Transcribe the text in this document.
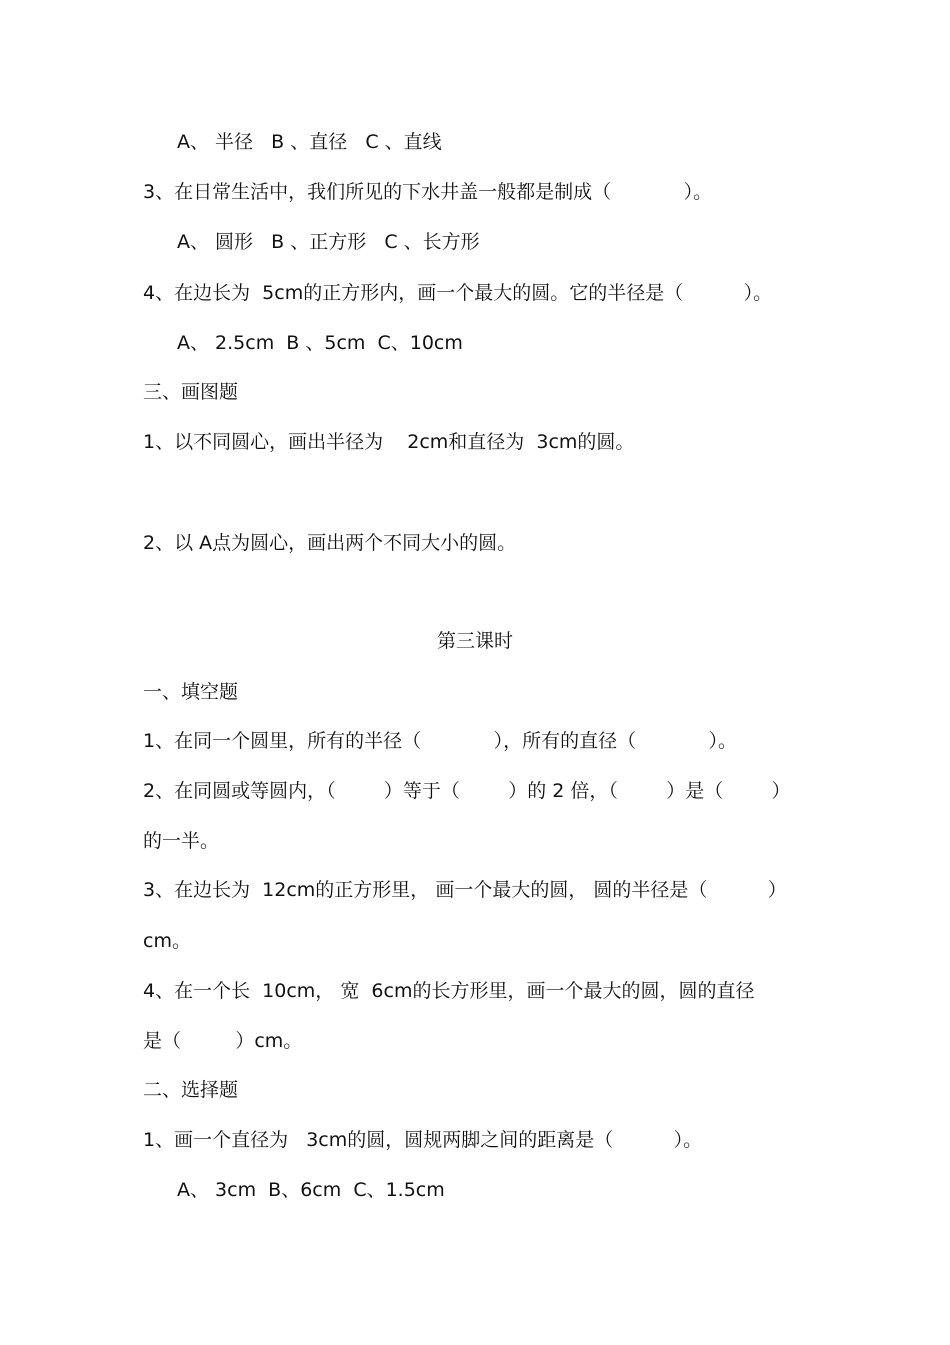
A、 半径   B 、直径   C 、直线
3、在日常生活中，我们所见的下水井盖一般都是制成（            ）。
A、 圆形   B 、正方形   C 、长方形
4、在边长为  5cm的正方形内，画一个最大的圆。它的半径是（          ）。
A、 2.5cm  B 、5cm  C、10cm
三、画图题
1、以不同圆心，画出半径为    2cm和直径为  3cm的圆。
2、以 A点为圆心，画出两个不同大小的圆。
第三课时
一、填空题
1、在同一个圆里，所有的半径（            ），所有的直径（            ）。
2、在同圆或等圆内，（        ）等于（        ）的 2 倍，（        ）是（        ）
的一半。
3、在边长为  12cm的正方形里， 画一个最大的圆， 圆的半径是（          ）
cm。
4、在一个长  10cm， 宽  6cm的长方形里，画一个最大的圆，圆的直径
是（         ）cm。
二、选择题
1、画一个直径为   3cm的圆，圆规两脚之间的距离是（          ）。
A、 3cm  B、6cm  C、1.5cm
